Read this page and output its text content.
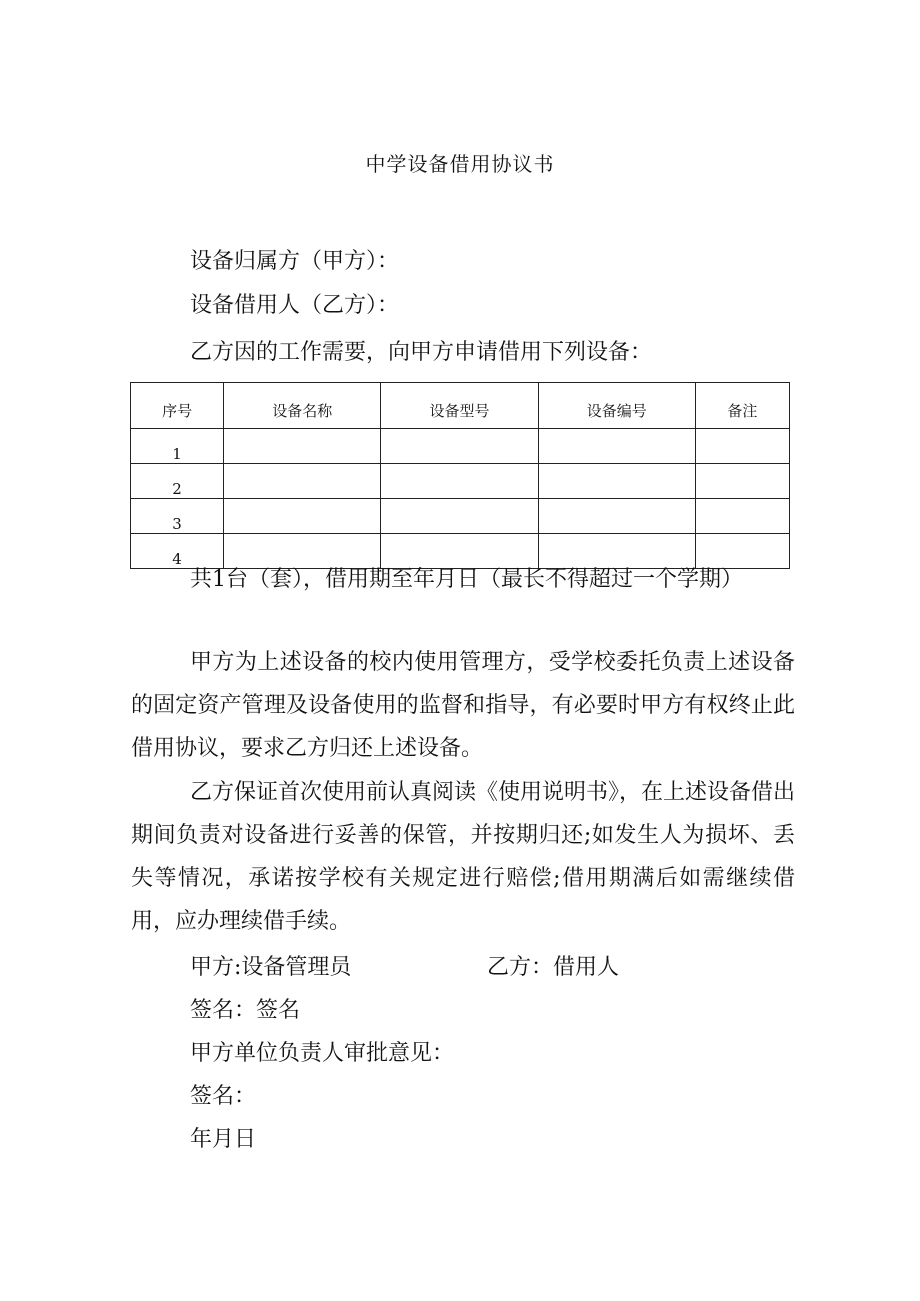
中学设备借用协议书
设备归属方（甲方）：
设备借用人（乙方）：
乙方因的工作需要，向甲方申请借用下列设备：
序号	设备名称	设备型号	设备编号	备注
1				
2				
3				
4				
共1台（套），借用期至年月日（最长不得超过一个学期）
甲方为上述设备的校内使用管理方，受学校委托负责上述设备的固定资产管理及设备使用的监督和指导，有必要时甲方有权终止此借用协议，要求乙方归还上述设备。
乙方保证首次使用前认真阅读《使用说明书》，在上述设备借出期间负责对设备进行妥善的保管，并按期归还;如发生人为损坏、丢失等情况，承诺按学校有关规定进行赔偿;借用期满后如需继续借用，应办理续借手续。
甲方:设备管理员	乙方：借用人
签名：签名
甲方单位负责人审批意见：
签名：
年月日
